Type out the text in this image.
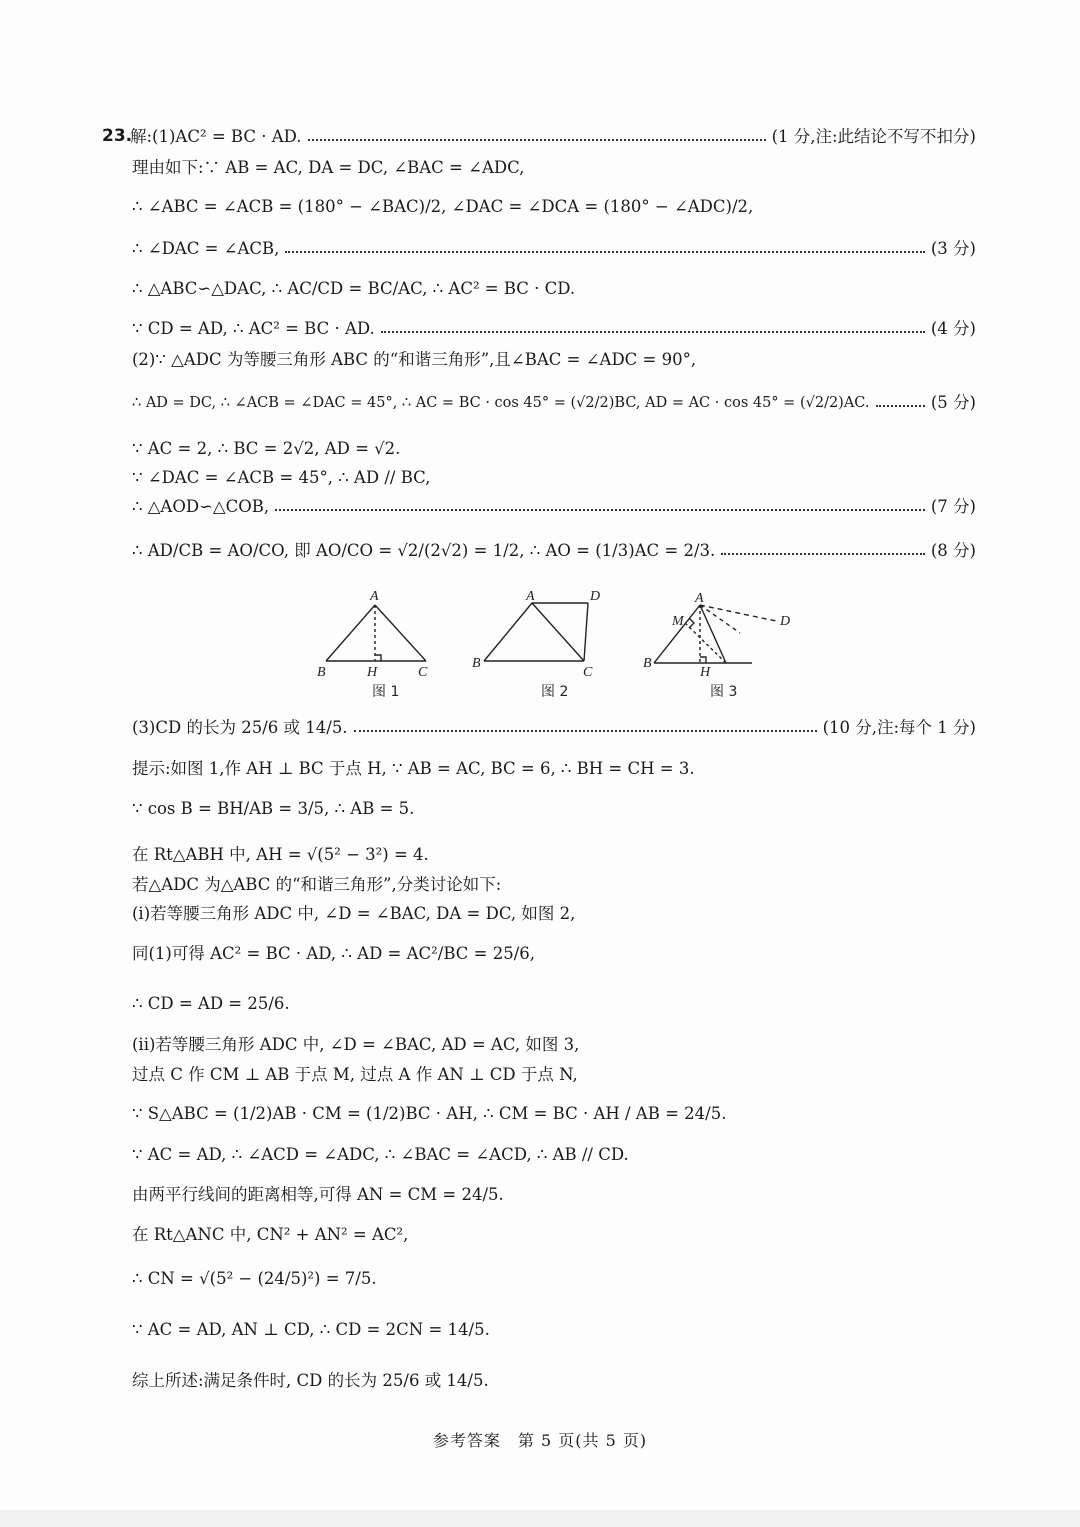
23.
解:(1)AC² = BC · AD.	(1 分,注:此结论不写不扣分)
理由如下:∵ AB = AC, DA = DC, ∠BAC = ∠ADC,
∴ ∠ABC = ∠ACB = (180° − ∠BAC)/2, ∠DAC = ∠DCA = (180° − ∠ADC)/2,
∴ ∠DAC = ∠ACB,	(3 分)
∴ △ABC∽△DAC, ∴ AC/CD = BC/AC, ∴ AC² = BC · CD.
∵ CD = AD, ∴ AC² = BC · AD.	(4 分)
(2)∵ △ADC 为等腰三角形 ABC 的“和谐三角形”,且∠BAC = ∠ADC = 90°,
∴ AD = DC, ∴ ∠ACB = ∠DAC = 45°, ∴ AC = BC · cos 45° = (√2/2)BC, AD = AC · cos 45° = (√2/2)AC.	(5 分)
∵ AC = 2, ∴ BC = 2√2, AD = √2.
∵ ∠DAC = ∠ACB = 45°, ∴ AD // BC,
∴ △AOD∽△COB,	(7 分)
∴ AD/CB = AO/CO, 即 AO/CO = √2/(2√2) = 1/2, ∴ AO = (1/3)AC = 2/3.	(8 分)
A
B	C
H
A	D
B
C
A
D
M
B
H
图 1	图 2	图 3
(3)CD 的长为 25/6 或 14/5.	(10 分,注:每个 1 分)
提示:如图 1,作 AH ⊥ BC 于点 H, ∵ AB = AC, BC = 6, ∴ BH = CH = 3.
∵ cos B = BH/AB = 3/5, ∴ AB = 5.
在 Rt△ABH 中, AH = √(5² − 3²) = 4.
若△ADC 为△ABC 的“和谐三角形”,分类讨论如下:
(i)若等腰三角形 ADC 中, ∠D = ∠BAC, DA = DC, 如图 2,
同(1)可得 AC² = BC · AD, ∴ AD = AC²/BC = 25/6,
∴ CD = AD = 25/6.
(ii)若等腰三角形 ADC 中, ∠D = ∠BAC, AD = AC, 如图 3,
过点 C 作 CM ⊥ AB 于点 M, 过点 A 作 AN ⊥ CD 于点 N,
∵ S△ABC = (1/2)AB · CM = (1/2)BC · AH, ∴ CM = BC · AH / AB = 24/5.
∵ AC = AD, ∴ ∠ACD = ∠ADC, ∴ ∠BAC = ∠ACD, ∴ AB // CD.
由两平行线间的距离相等,可得 AN = CM = 24/5.
在 Rt△ANC 中, CN² + AN² = AC²,
∴ CN = √(5² − (24/5)²) = 7/5.
∵ AC = AD, AN ⊥ CD, ∴ CD = 2CN = 14/5.
综上所述:满足条件时, CD 的长为 25/6 或 14/5.
参考答案　第 5 页(共 5 页)
